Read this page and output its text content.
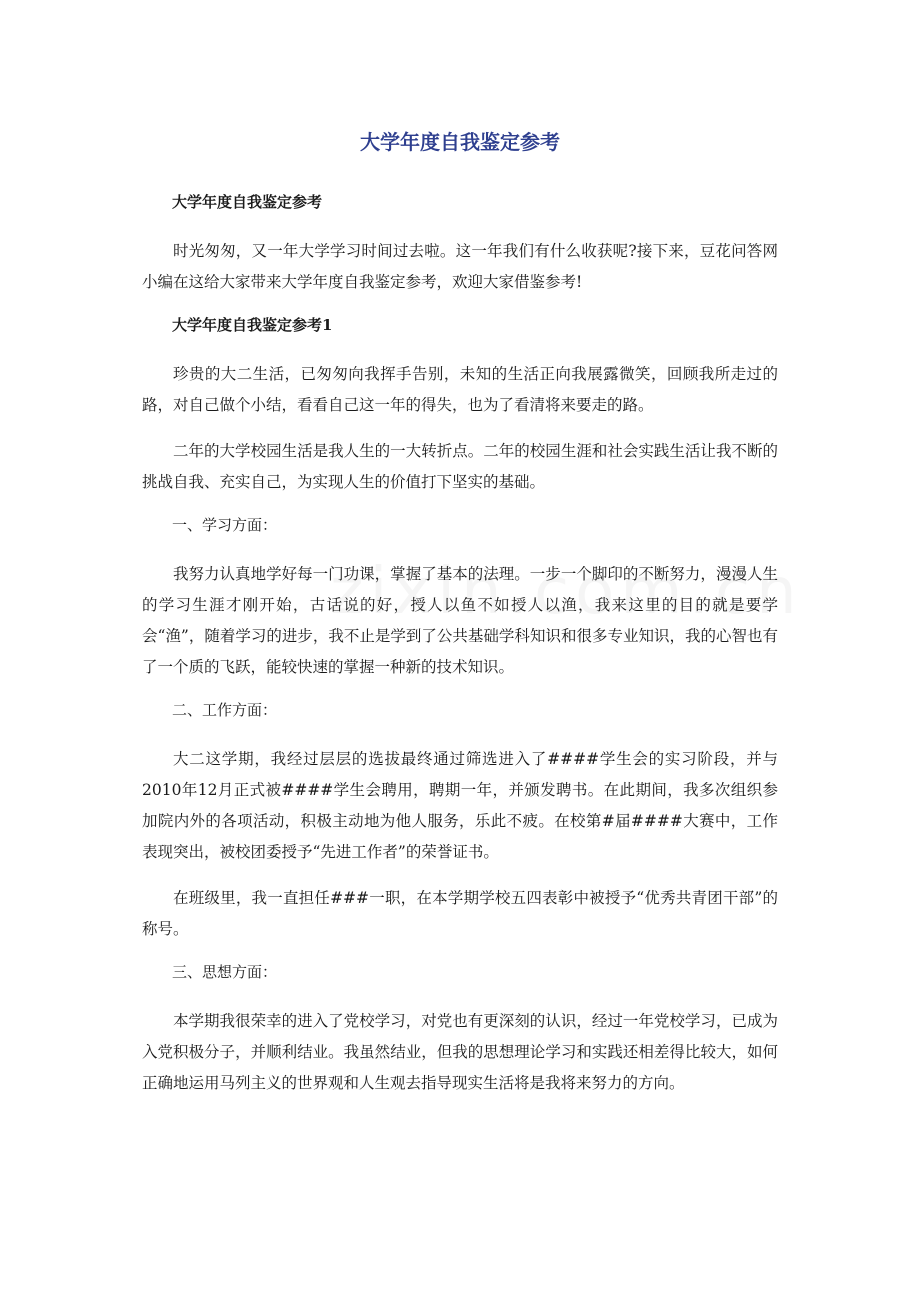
大学年度自我鉴定参考

大学年度自我鉴定参考

时光匆匆，又一年大学学习时间过去啦。这一年我们有什么收获呢?接下来，豆花问答网小编在这给大家带来大学年度自我鉴定参考，欢迎大家借鉴参考!

大学年度自我鉴定参考1

珍贵的大二生活，已匆匆向我挥手告别，未知的生活正向我展露微笑，回顾我所走过的路，对自己做个小结，看看自己这一年的得失，也为了看清将来要走的路。

二年的大学校园生活是我人生的一大转折点。二年的校园生涯和社会实践生活让我不断的挑战自我、充实自己，为实现人生的价值打下坚实的基础。

一、学习方面：

我努力认真地学好每一门功课，掌握了基本的法理。一步一个脚印的不断努力，漫漫人生的学习生涯才刚开始，古话说的好，授人以鱼不如授人以渔，我来这里的目的就是要学会“渔”，随着学习的进步，我不止是学到了公共基础学科知识和很多专业知识，我的心智也有了一个质的飞跃，能较快速的掌握一种新的技术知识。

二、工作方面：

大二这学期，我经过层层的选拔最终通过筛选进入了####学生会的实习阶段，并与2010年12月正式被####学生会聘用，聘期一年，并颁发聘书。在此期间，我多次组织参加院内外的各项活动，积极主动地为他人服务，乐此不疲。在校第#届####大赛中，工作表现突出，被校团委授予“先进工作者”的荣誉证书。

在班级里，我一直担任###一职，在本学期学校五四表彰中被授予“优秀共青团干部”的称号。

三、思想方面：

本学期我很荣幸的进入了党校学习，对党也有更深刻的认识，经过一年党校学习，已成为入党积极分子，并顺利结业。我虽然结业，但我的思想理论学习和实践还相差得比较大，如何正确地运用马列主义的世界观和人生观去指导现实生活将是我将来努力的方向。
